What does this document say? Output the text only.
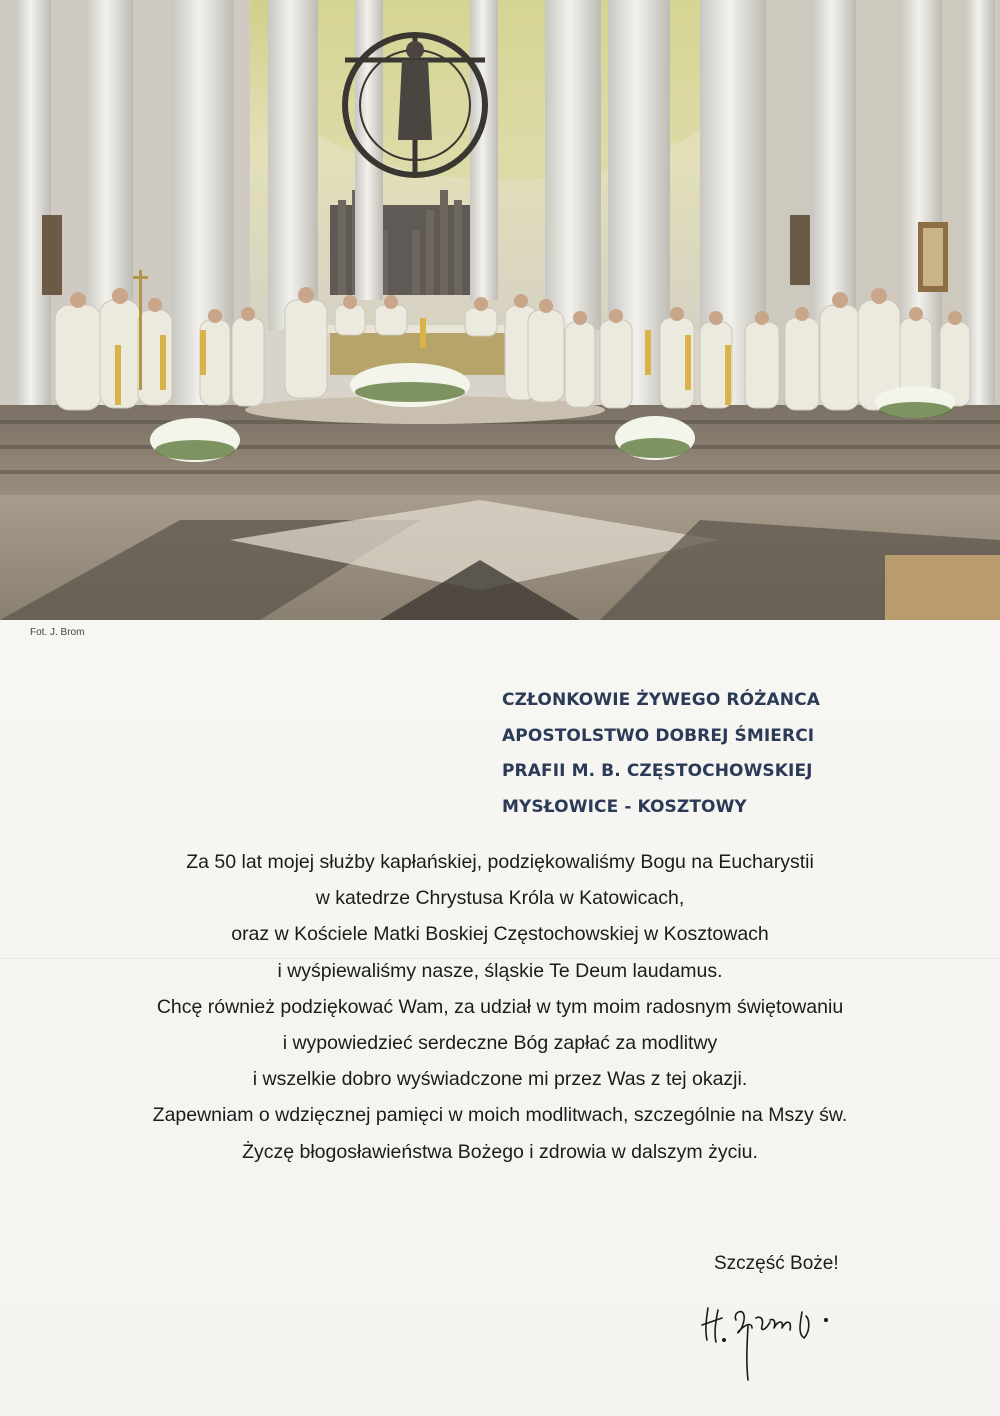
Fot. J. Brom
CZŁONKOWIE ŻYWEGO RÓŻANCA
APOSTOLSTWO DOBREJ ŚMIERCI
PRAFII M. B. CZĘSTOCHOWSKIEJ
MYSŁOWICE - KOSZTOWY
Za 50 lat mojej służby kapłańskiej, podziękowaliśmy Bogu na Eucharystii
w katedrze Chrystusa Króla w Katowicach,
oraz w Kościele Matki Boskiej Częstochowskiej w Kosztowach
i wyśpiewaliśmy nasze, śląskie Te Deum laudamus.
Chcę również podziękować Wam, za udział w tym moim radosnym świętowaniu
i wypowiedzieć serdeczne Bóg zapłać za modlitwy
i wszelkie dobro wyświadczone mi przez Was z tej okazji.
Zapewniam o wdzięcznej pamięci w moich modlitwach, szczególnie na Mszy św.
Życzę błogosławieństwa Bożego i zdrowia w dalszym życiu.
Szczęść Boże!
